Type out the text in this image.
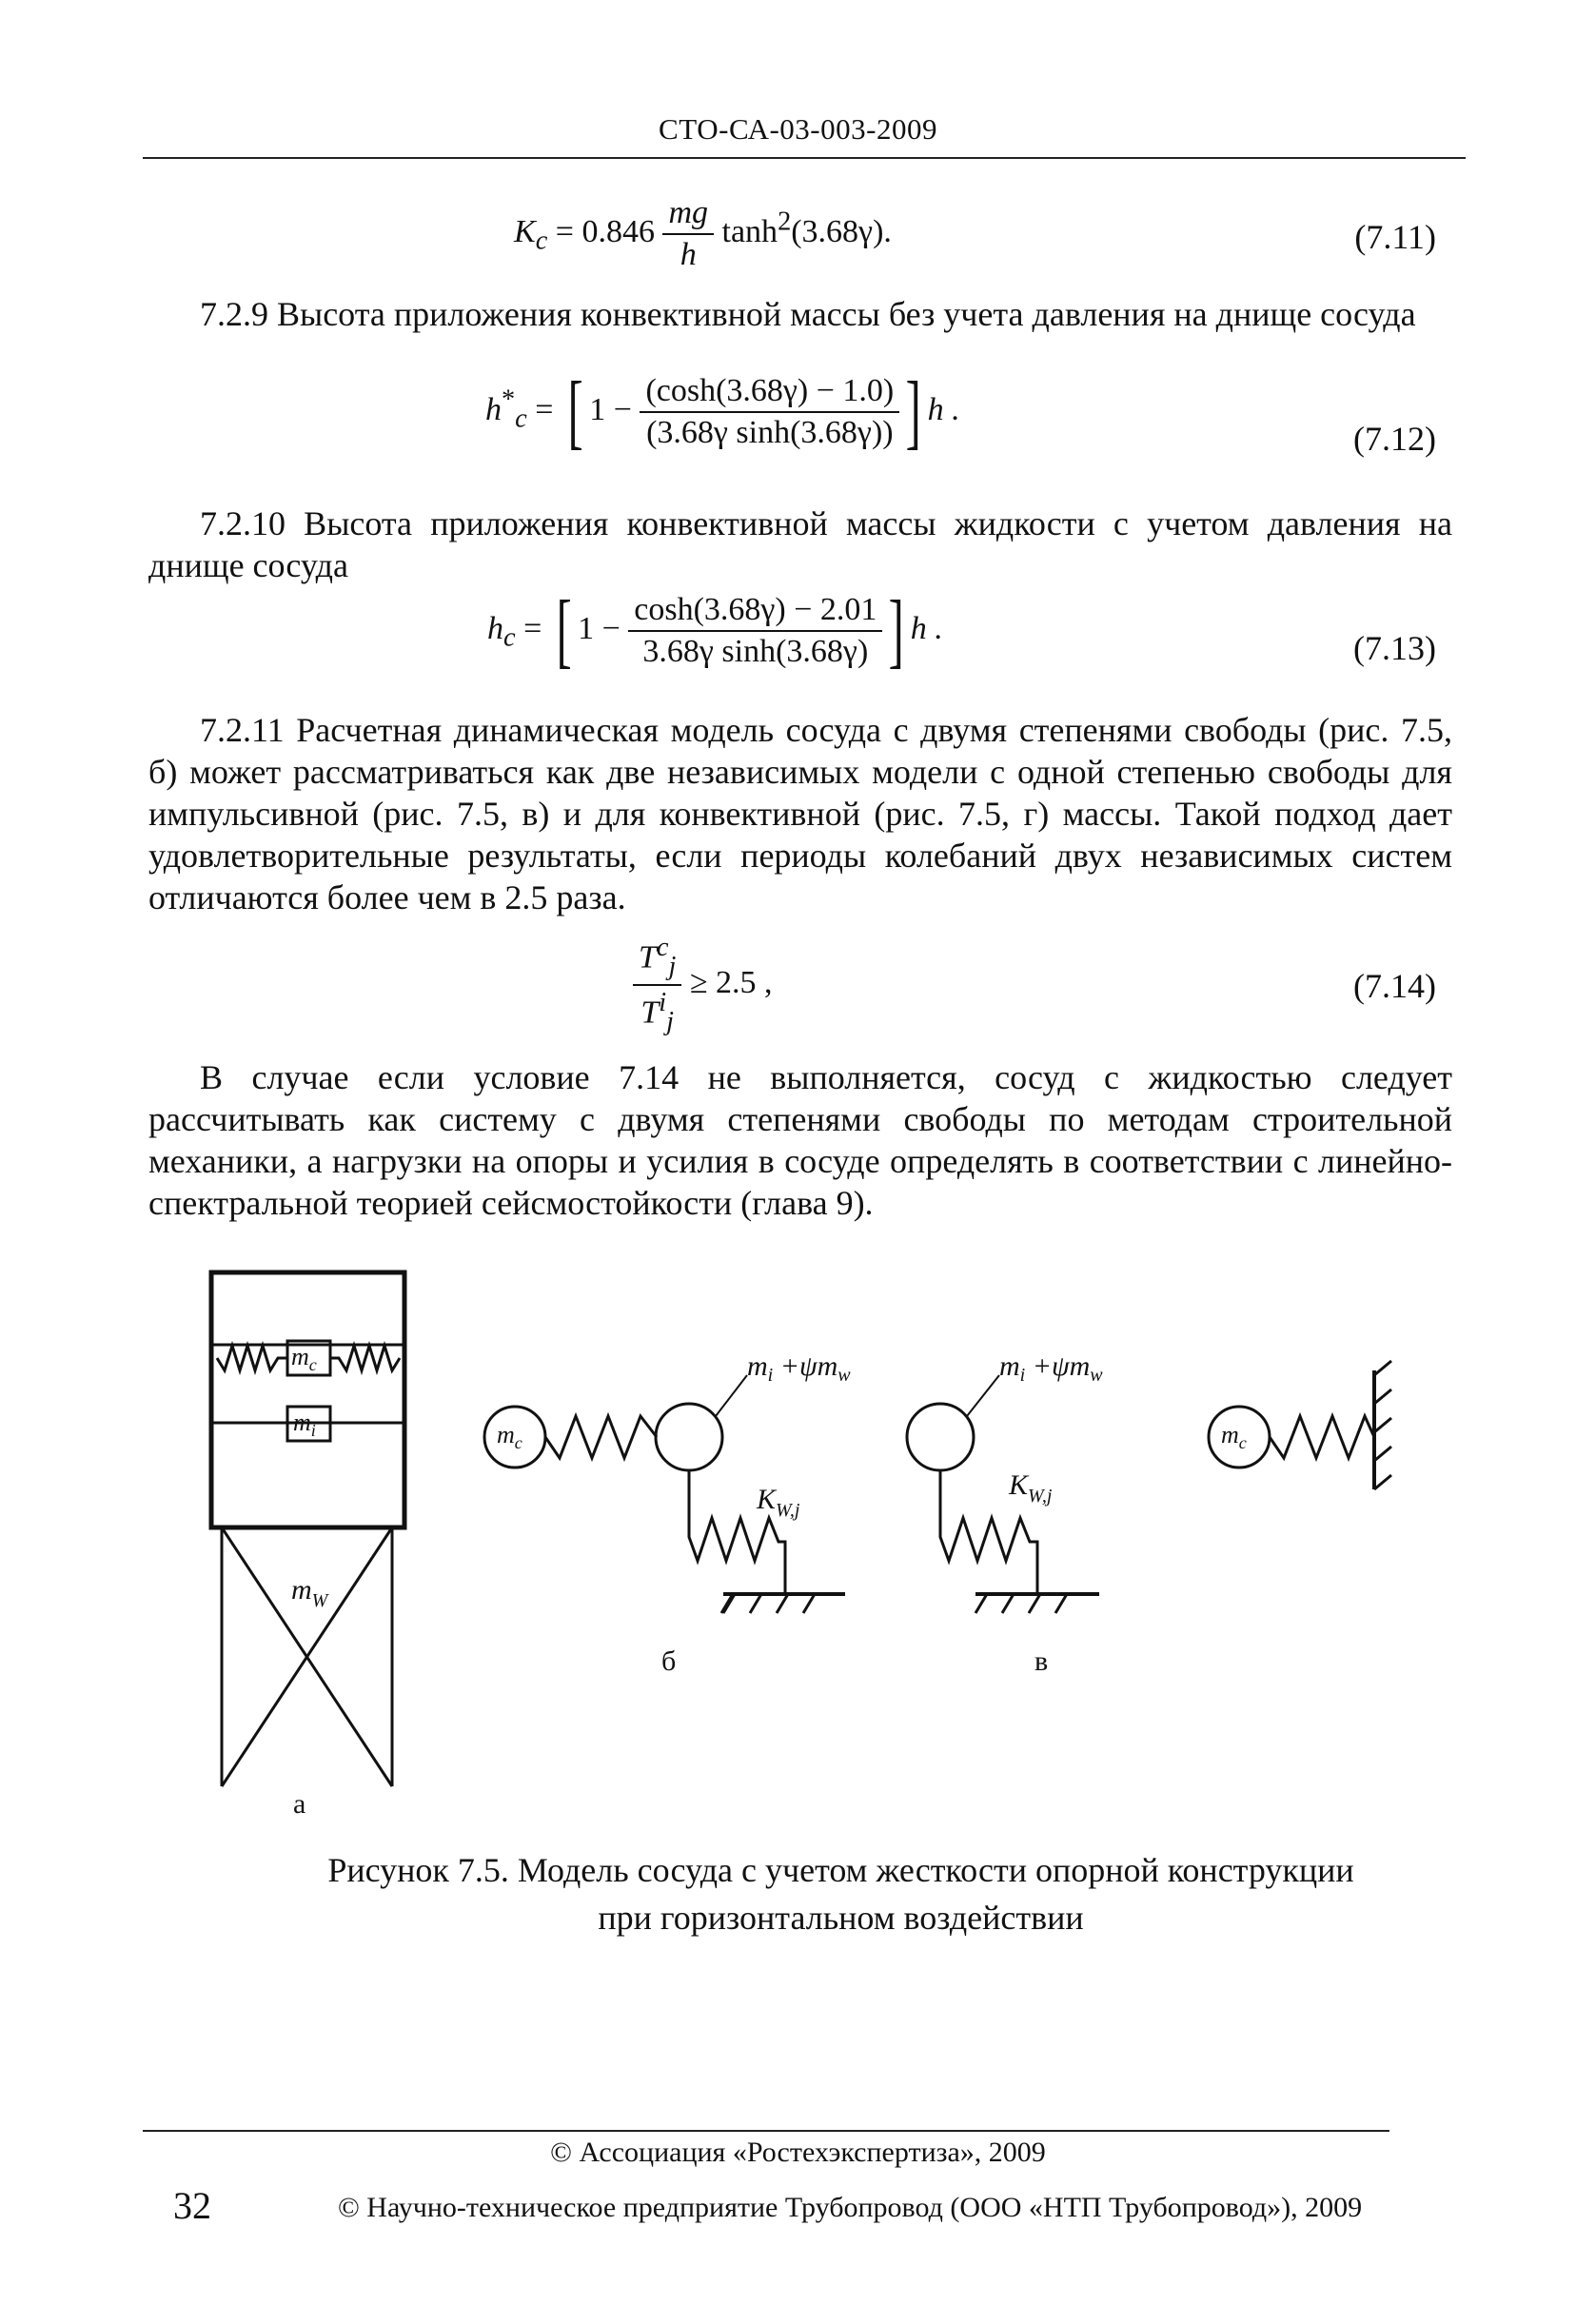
СТО-СА-03-003-2009
$K_c = 0.846 \frac{mg}{h} \tanh^2(3.68\gamma)$.	(7.11)
7.2.9 Высота приложения конвективной массы без учета давления на днище сосуда
$h^*_c$ = [ $1 - \frac{(\cosh(3.68\gamma) - 1.0)}{\text{(3.68γ sinh(3.68γ))}}$ ] h .
(7.12)
7.2.10 Высота приложения конвективной массы жидкости с учетом давления на днище сосуда
$h_c$ = [ $1 - \frac{\cosh(3.68\gamma) - 2.01}{\text{3.68γ sinh(3.68γ)}}$ ] h .
(7.13)
7.2.11 Расчетная динамическая модель сосуда с двумя степенями свободы (рис. 7.5, б) может рассматриваться как две независимых модели с одной степенью свободы для импульсивной (рис. 7.5, в) и для конвективной (рис. 7.5, г) массы. Такой подход дает удовлетворительные результаты, если периоды колебаний двух независимых систем отличаются более чем в 2.5 раза.
$\frac{T^c_j}{T^i_j} \ge 2.5$ ,	(7.14)
В случае если условие 7.14 не выполняется, сосуд с жидкостью следует рассчитывать как систему с двумя степенями свободы по методам строительной механики, а нагрузки на опоры и усилия в сосуде определять в соответствии с линейно-спектральной теорией сейсмостойкости (глава 9).
$m_c$
$m_i$
$m_W$
$m_c$
$m_i +\psi m_w$
$K_{W,j}$
$m_i +\psi m_w$
$K_{W,j}$
$m_c$
а
б	в
Рисунок 7.5. Модель сосуда с учетом жесткости опорной конструкции
при горизонтальном воздействии
© Ассоциация «Ростехэкспертиза», 2009
32	© Научно-техническое предприятие Трубопровод (ООО «НТП Трубопровод»), 2009
